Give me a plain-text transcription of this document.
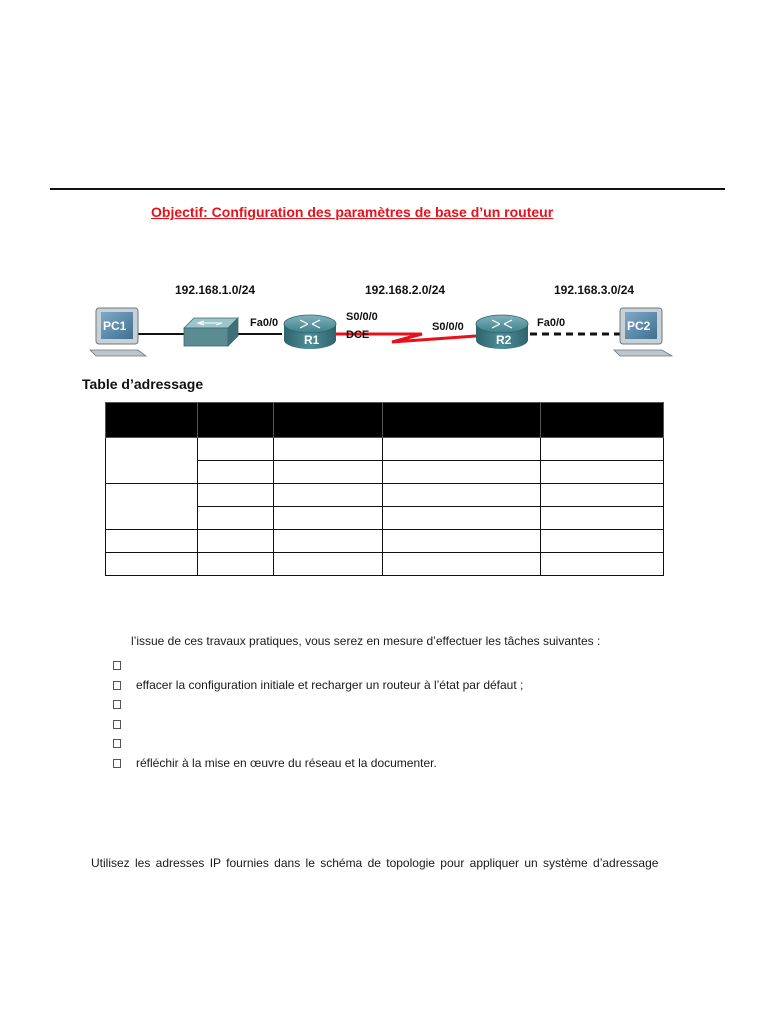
Objectif: Configuration des paramètres de base d’un routeur

192.168.1.0/24	192.168.2.0/24	192.168.3.0/24
PC1
R1	R2
PC2
Fa0/0	S0/0/0
DCE
S0/0/0	Fa0/0
Table d’adressage

l’issue de ces travaux pratiques, vous serez en mesure d’effectuer les tâches suivantes :

effacer la configuration initiale et recharger un routeur à l’état par défaut ;
réfléchir à la mise en œuvre du réseau et la documenter.

Utilisez les adresses IP fournies dans le schéma de topologie pour appliquer un système d’adressage
